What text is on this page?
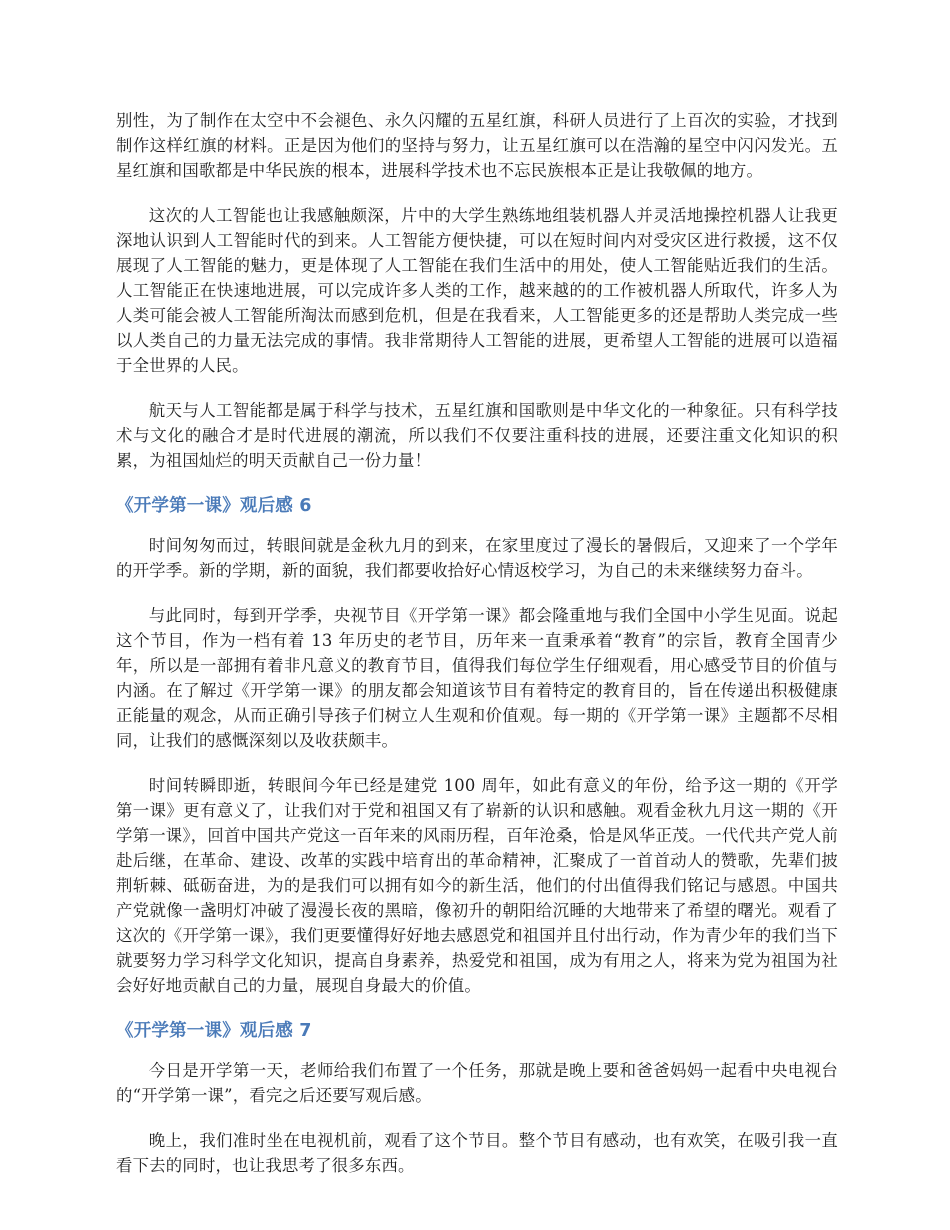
别性，为了制作在太空中不会褪色、永久闪耀的五星红旗，科研人员进行了上百次的实验，才找到制作这样红旗的材料。正是因为他们的坚持与努力，让五星红旗可以在浩瀚的星空中闪闪发光。五星红旗和国歌都是中华民族的根本，进展科学技术也不忘民族根本正是让我敬佩的地方。

这次的人工智能也让我感触颇深，片中的大学生熟练地组装机器人并灵活地操控机器人让我更深地认识到人工智能时代的到来。人工智能方便快捷，可以在短时间内对受灾区进行救援，这不仅展现了人工智能的魅力，更是体现了人工智能在我们生活中的用处，使人工智能贴近我们的生活。人工智能正在快速地进展，可以完成许多人类的工作，越来越的的工作被机器人所取代，许多人为人类可能会被人工智能所淘汰而感到危机，但是在我看来，人工智能更多的还是帮助人类完成一些以人类自己的力量无法完成的事情。我非常期待人工智能的进展，更希望人工智能的进展可以造福于全世界的人民。

航天与人工智能都是属于科学与技术，五星红旗和国歌则是中华文化的一种象征。只有科学技术与文化的融合才是时代进展的潮流，所以我们不仅要注重科技的进展，还要注重文化知识的积累，为祖国灿烂的明天贡献自己一份力量！

《开学第一课》观后感 6

时间匆匆而过，转眼间就是金秋九月的到来，在家里度过了漫长的暑假后，又迎来了一个学年的开学季。新的学期，新的面貌，我们都要收拾好心情返校学习，为自己的未来继续努力奋斗。

与此同时，每到开学季，央视节目《开学第一课》都会隆重地与我们全国中小学生见面。说起这个节目，作为一档有着 13 年历史的老节目，历年来一直秉承着“教育”的宗旨，教育全国青少年，所以是一部拥有着非凡意义的教育节目，值得我们每位学生仔细观看，用心感受节目的价值与内涵。在了解过《开学第一课》的朋友都会知道该节目有着特定的教育目的，旨在传递出积极健康正能量的观念，从而正确引导孩子们树立人生观和价值观。每一期的《开学第一课》主题都不尽相同，让我们的感慨深刻以及收获颇丰。

时间转瞬即逝，转眼间今年已经是建党 100 周年，如此有意义的年份，给予这一期的《开学第一课》更有意义了，让我们对于党和祖国又有了崭新的认识和感触。观看金秋九月这一期的《开学第一课》，回首中国共产党这一百年来的风雨历程，百年沧桑，恰是风华正茂。一代代共产党人前赴后继，在革命、建设、改革的实践中培育出的革命精神，汇聚成了一首首动人的赞歌，先辈们披荆斩棘、砥砺奋进，为的是我们可以拥有如今的新生活，他们的付出值得我们铭记与感恩。中国共产党就像一盏明灯冲破了漫漫长夜的黑暗，像初升的朝阳给沉睡的大地带来了希望的曙光。观看了这次的《开学第一课》，我们更要懂得好好地去感恩党和祖国并且付出行动，作为青少年的我们当下就要努力学习科学文化知识，提高自身素养，热爱党和祖国，成为有用之人，将来为党为祖国为社会好好地贡献自己的力量，展现自身最大的价值。

《开学第一课》观后感 7

今日是开学第一天，老师给我们布置了一个任务，那就是晚上要和爸爸妈妈一起看中央电视台的“开学第一课”，看完之后还要写观后感。

晚上，我们准时坐在电视机前，观看了这个节目。整个节目有感动，也有欢笑，在吸引我一直看下去的同时，也让我思考了很多东西。
